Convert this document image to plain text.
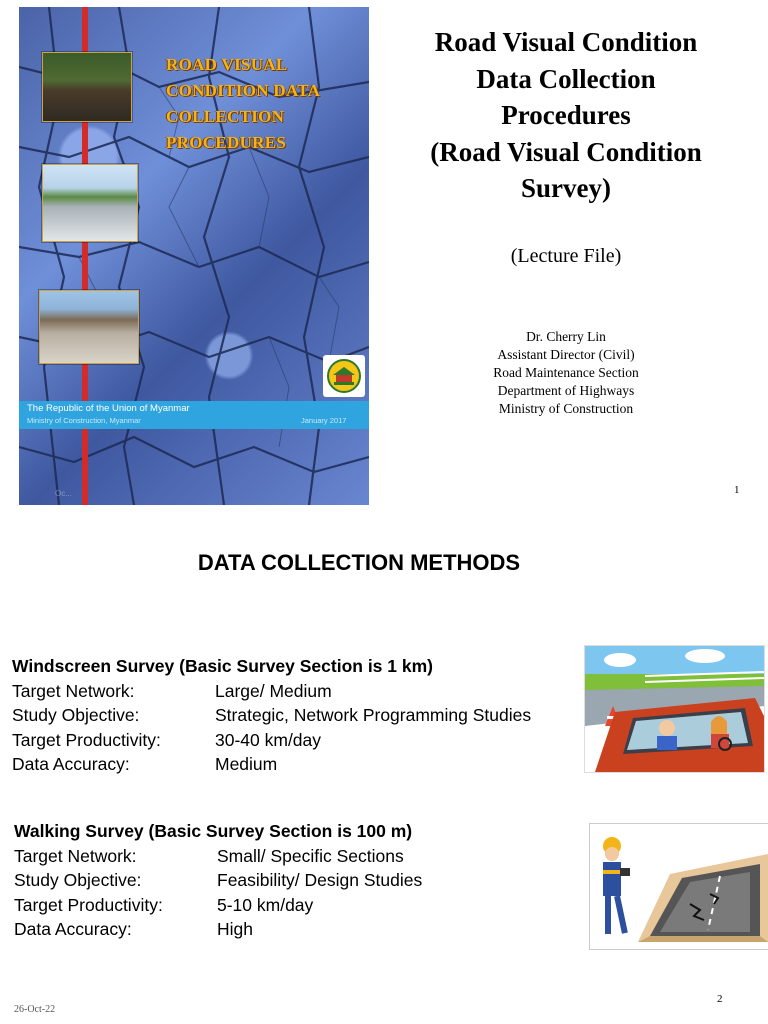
ROAD VISUAL
CONDITION DATA
COLLECTION
PROCEDURES
The Republic of the Union of Myanmar
Ministry of Construction, Myanmar	January 2017
Oc...
Road Visual Condition
Data Collection
Procedures
(Road Visual Condition
Survey)
(Lecture File)
Dr. Cherry Lin
Assistant Director (Civil)
Road Maintenance Section
Department of Highways
Ministry of Construction
1
DATA COLLECTION METHODS
Windscreen Survey (Basic Survey Section is 1 km)
Target Network:	Large/ Medium
Study Objective:	Strategic, Network Programming Studies
Target Productivity:	30-40 km/day
Data Accuracy:	Medium
Walking Survey (Basic Survey Section is 100 m)
Target Network:	Small/ Specific Sections
Study Objective:	Feasibility/ Design Studies
Target Productivity:	5-10 km/day
Data Accuracy:	High
2
26-Oct-22
